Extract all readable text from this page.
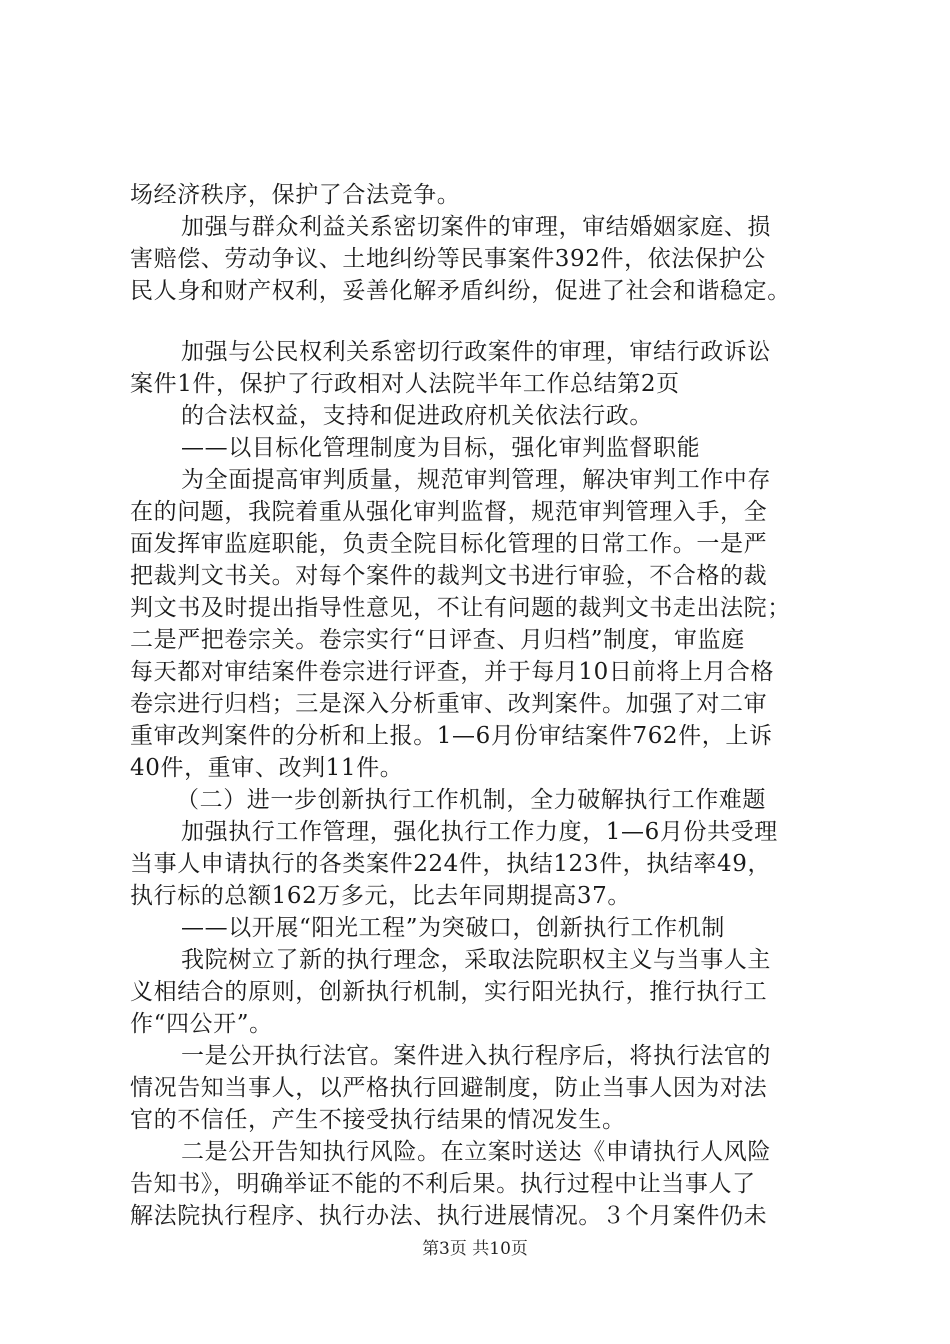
场经济秩序，保护了合法竞争。
加强与群众利益关系密切案件的审理，审结婚姻家庭、损
害赔偿、劳动争议、土地纠纷等民事案件392件，依法保护公
民人身和财产权利，妥善化解矛盾纠纷，促进了社会和谐稳定。
加强与公民权利关系密切行政案件的审理，审结行政诉讼
案件1件，保护了行政相对人法院半年工作总结第2页
的合法权益，支持和促进政府机关依法行政。
——以目标化管理制度为目标，强化审判监督职能
为全面提高审判质量，规范审判管理，解决审判工作中存
在的问题，我院着重从强化审判监督，规范审判管理入手，全
面发挥审监庭职能，负责全院目标化管理的日常工作。一是严
把裁判文书关。对每个案件的裁判文书进行审验，不合格的裁
判文书及时提出指导性意见，不让有问题的裁判文书走出法院；
二是严把卷宗关。卷宗实行“日评查、月归档”制度，审监庭
每天都对审结案件卷宗进行评查，并于每月10日前将上月合格
卷宗进行归档；三是深入分析重审、改判案件。加强了对二审
重审改判案件的分析和上报。1—6月份审结案件762件，上诉
40件，重审、改判11件。
（二）进一步创新执行工作机制，全力破解执行工作难题
加强执行工作管理，强化执行工作力度，1—6月份共受理
当事人申请执行的各类案件224件，执结123件，执结率49，
执行标的总额162万多元，比去年同期提高37。
——以开展“阳光工程”为突破口，创新执行工作机制
我院树立了新的执行理念，采取法院职权主义与当事人主
义相结合的原则，创新执行机制，实行阳光执行，推行执行工
作“四公开”。
一是公开执行法官。案件进入执行程序后，将执行法官的
情况告知当事人，以严格执行回避制度，防止当事人因为对法
官的不信任，产生不接受执行结果的情况发生。
二是公开告知执行风险。在立案时送达《申请执行人风险
告知书》，明确举证不能的不利后果。执行过程中让当事人了
解法院执行程序、执行办法、执行进展情况。３个月案件仍未
第3页 共10页
